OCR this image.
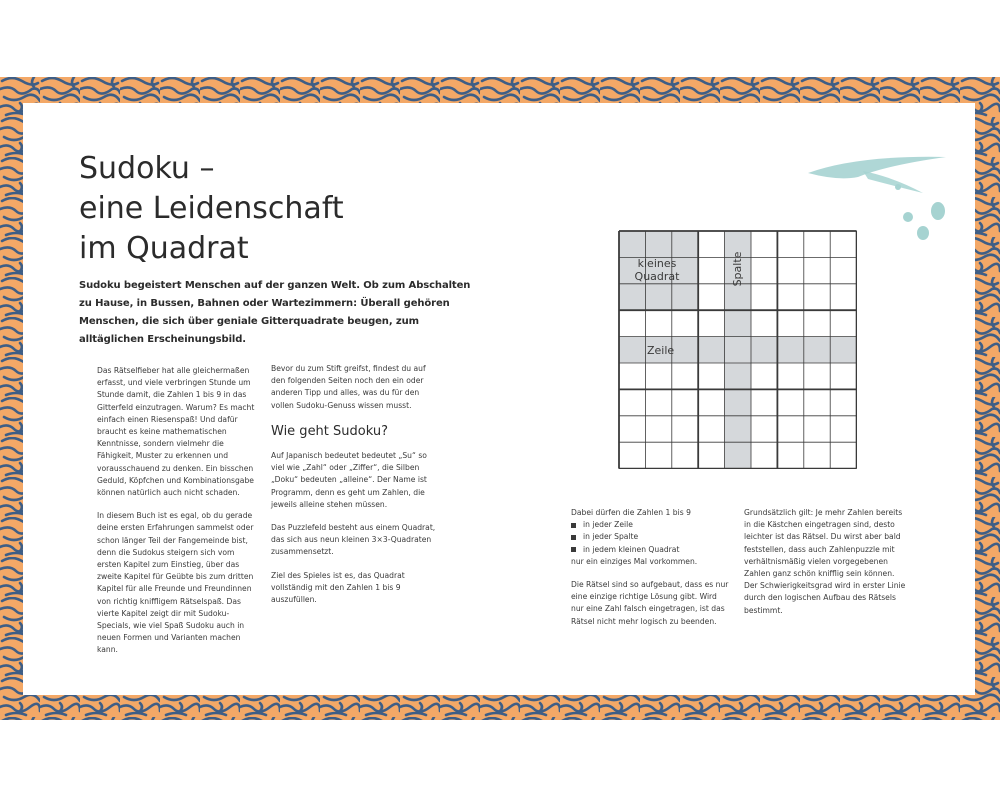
Sudoku –
eine Leidenschaft
im Quadrat

Sudoku begeistert Menschen auf der ganzen Welt. Ob zum Abschalten zu Hause, in Bussen, Bahnen oder Wartezimmern: Überall gehören Menschen, die sich über geniale Gitterquadrate beugen, zum alltäglichen Erscheinungsbild.

Das Rätselfieber hat alle gleichermaßen erfasst, und viele verbringen Stunde um Stunde damit, die Zahlen 1 bis 9 in das Gitterfeld einzutragen. Warum? Es macht einfach einen Riesenspaß! Und dafür braucht es keine mathematischen Kenntnisse, sondern vielmehr die Fähigkeit, Muster zu erkennen und vorausschauend zu denken. Ein bisschen Geduld, Köpfchen und Kombinationsgabe können natürlich auch nicht schaden.

In diesem Buch ist es egal, ob du gerade deine ersten Erfahrungen sammelst oder schon länger Teil der Fangemeinde bist, denn die Sudokus steigern sich vom ersten Kapitel zum Einstieg, über das zweite Kapitel für Geübte bis zum dritten Kapitel für alle Freunde und Freundinnen von richtig kniffligem Rätselspaß. Das vierte Kapitel zeigt dir mit Sudoku-Specials, wie viel Spaß Sudoku auch in neuen Formen und Varianten machen kann.

Bevor du zum Stift greifst, findest du auf den folgenden Seiten noch den ein oder anderen Tipp und alles, was du für den vollen Sudoku-Genuss wissen musst.

Wie geht Sudoku?

Auf Japanisch bedeutet bedeutet „Su“ so viel wie „Zahl“ oder „Ziffer“, die Silben „Doku“ bedeuten „alleine“. Der Name ist Programm, denn es geht um Zahlen, die jeweils alleine stehen müssen.

Das Puzzlefeld besteht aus einem Quadrat, das sich aus neun kleinen 3×3-Quadraten zusammensetzt.

Ziel des Spieles ist es, das Quadrat vollständig mit den Zahlen 1 bis 9 auszufüllen.

Dabei dürfen die Zahlen 1 bis 9
in jeder Zeile
in jeder Spalte
in jedem kleinen Quadrat

nur ein einziges Mal vorkommen.

Die Rätsel sind so aufgebaut, dass es nur eine einzige richtige Lösung gibt. Wird nur eine Zahl falsch eingetragen, ist das Rätsel nicht mehr logisch zu beenden.

Grundsätzlich gilt: Je mehr Zahlen bereits in die Kästchen eingetragen sind, desto leichter ist das Rätsel. Du wirst aber bald feststellen, dass auch Zahlenpuzzle mit verhältnismäßig vielen vorgegebenen Zahlen ganz schön knifflig sein können. Der Schwierigkeitsgrad wird in erster Linie durch den logischen Aufbau des Rätsels bestimmt.

kleines
Quadrat	Spalte
Zeile
